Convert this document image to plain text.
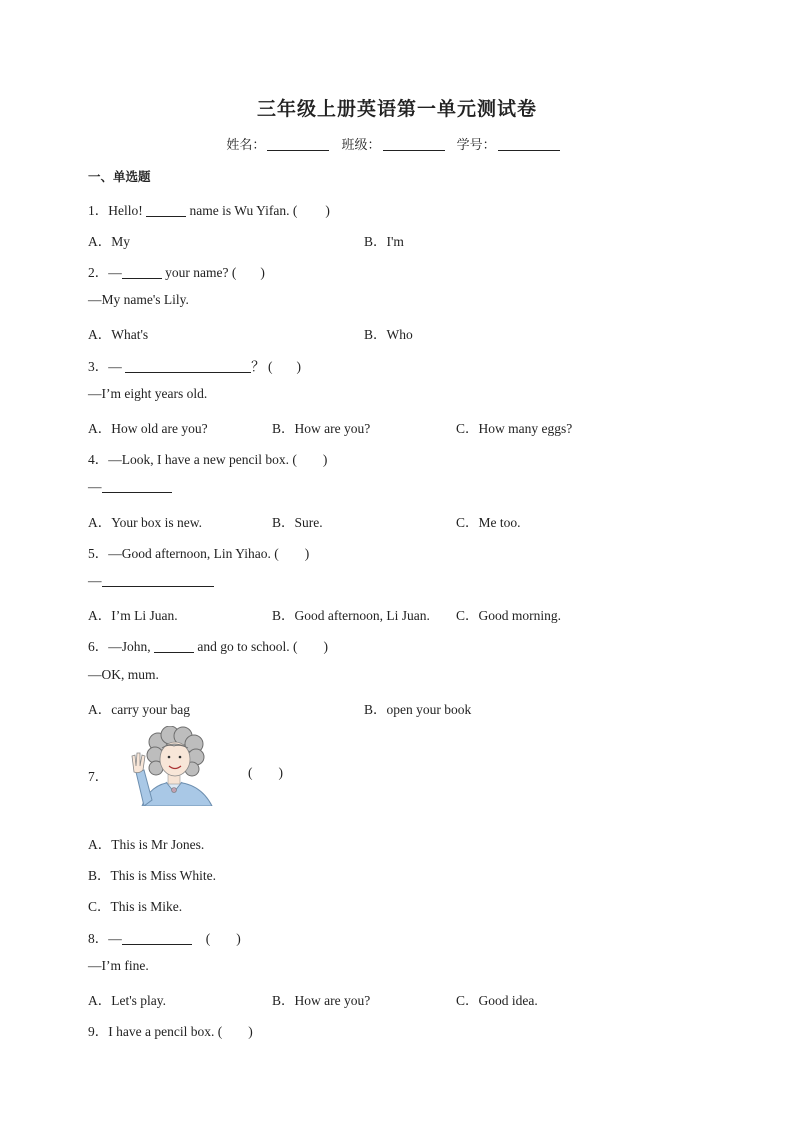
三年级上册英语第一单元测试卷
姓名：	班级：	学号：
一、单选题
1．Hello!	name is Wu Yifan. ( )
A．My	B．I'm
2．—	your name? ( )
—My name's Lily.
A．What's	B．Who
3．—	？ ( )
—I’m eight years old.
A．How old are you?	B．How are you?	C．How many eggs?
4．—Look, I have a new pencil box. ( )
—
A．Your box is new.	B．Sure.	C．Me too.
5．—Good afternoon, Lin Yihao. ( )
—
A．I’m Li Juan.	B．Good afternoon, Li Juan. C．Good morning.
6．—John,	and go to school. ( )
—OK, mum.
A．carry your bag	B．open your book
7．	( )
A．This is Mr Jones.
B．This is Miss White.
C．This is Mike.
8．—	( )
—I’m fine.
A．Let's play.	B．How are you?	C．Good idea.
9．I have a pencil box. ( )
